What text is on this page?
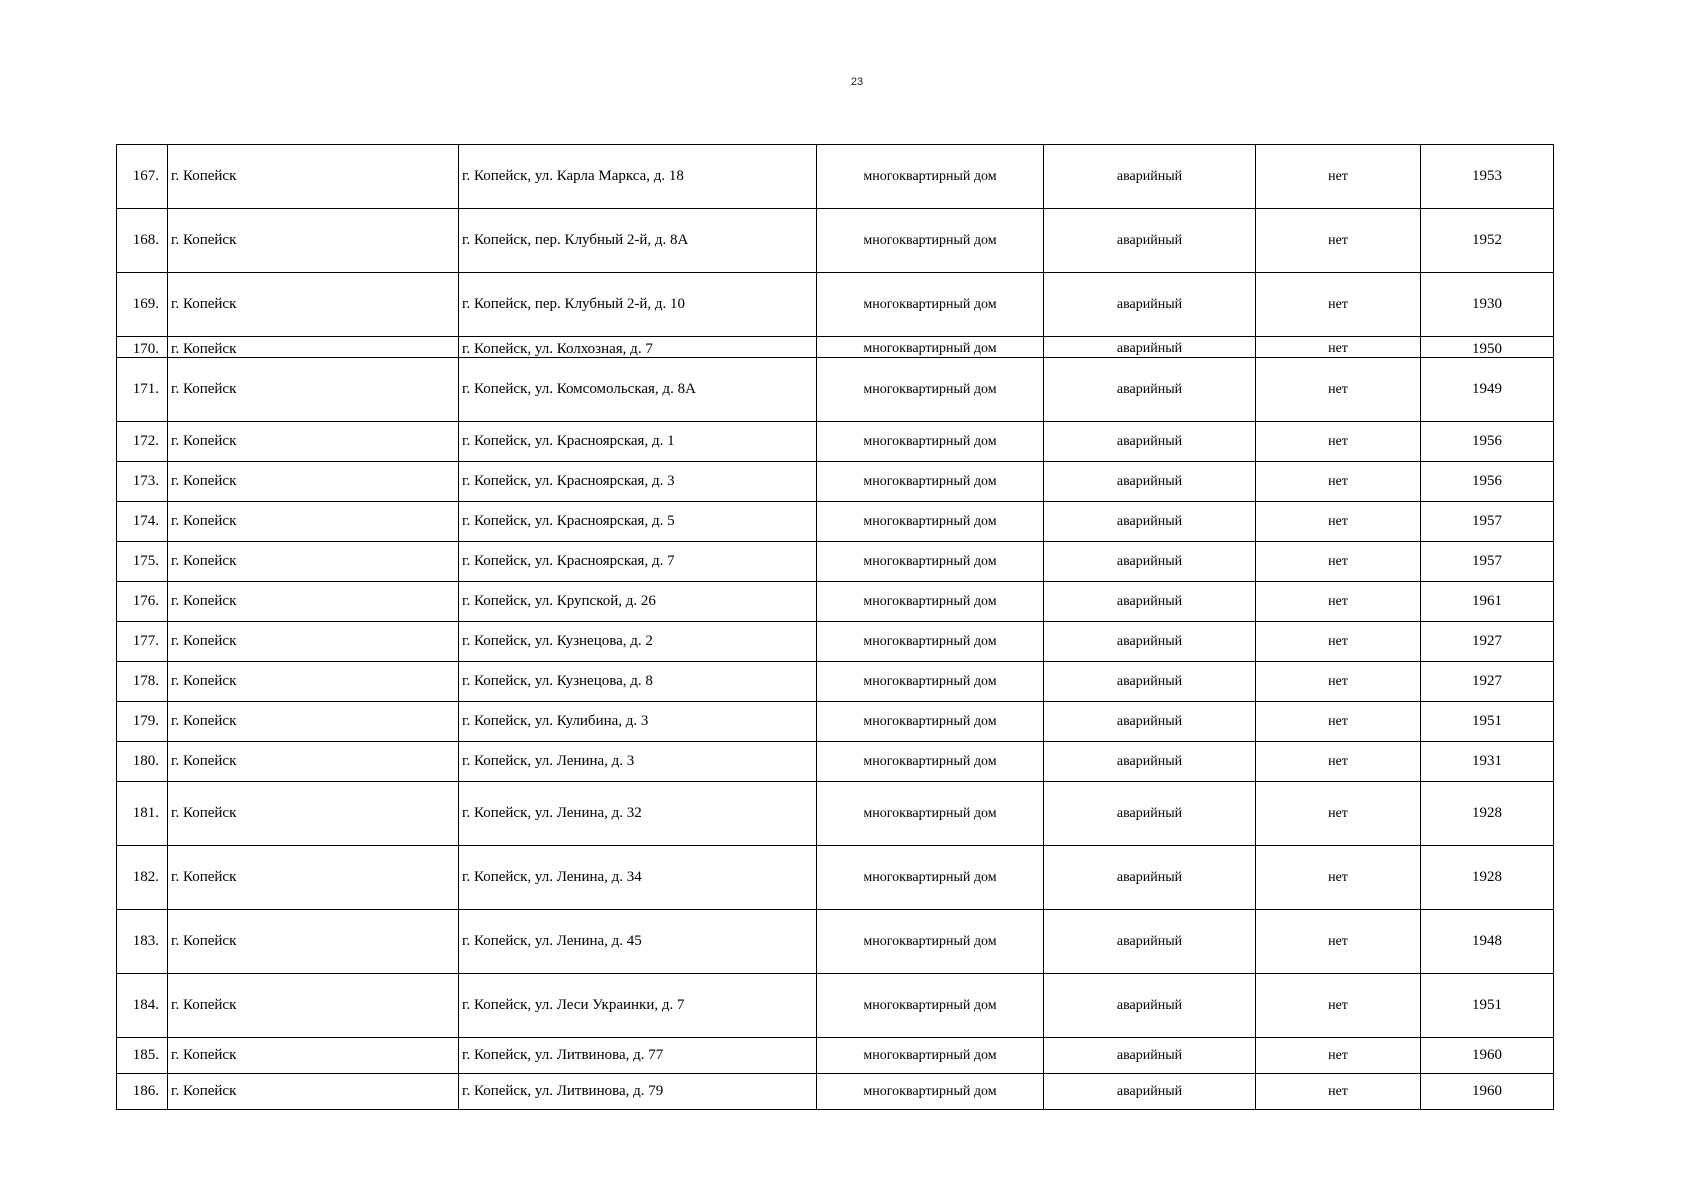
23
167.	г. Копейск	г. Копейск, ул. Карла Маркса, д. 18	многоквартирный дом	аварийный	нет	1953
168.	г. Копейск	г. Копейск, пер. Клубный 2-й, д. 8А	многоквартирный дом	аварийный	нет	1952
169.	г. Копейск	г. Копейск, пер. Клубный 2-й, д. 10	многоквартирный дом	аварийный	нет	1930
170.	г. Копейск	г. Копейск, ул. Колхозная, д. 7	многоквартирный дом	аварийный	нет	1950
171.	г. Копейск	г. Копейск, ул. Комсомольская, д. 8А	многоквартирный дом	аварийный	нет	1949
172.	г. Копейск	г. Копейск, ул. Красноярская, д. 1	многоквартирный дом	аварийный	нет	1956
173.	г. Копейск	г. Копейск, ул. Красноярская, д. 3	многоквартирный дом	аварийный	нет	1956
174.	г. Копейск	г. Копейск, ул. Красноярская, д. 5	многоквартирный дом	аварийный	нет	1957
175.	г. Копейск	г. Копейск, ул. Красноярская, д. 7	многоквартирный дом	аварийный	нет	1957
176.	г. Копейск	г. Копейск, ул. Крупской, д. 26	многоквартирный дом	аварийный	нет	1961
177.	г. Копейск	г. Копейск, ул. Кузнецова, д. 2	многоквартирный дом	аварийный	нет	1927
178.	г. Копейск	г. Копейск, ул. Кузнецова, д. 8	многоквартирный дом	аварийный	нет	1927
179.	г. Копейск	г. Копейск, ул. Кулибина, д. 3	многоквартирный дом	аварийный	нет	1951
180.	г. Копейск	г. Копейск, ул. Ленина, д. 3	многоквартирный дом	аварийный	нет	1931
181.	г. Копейск	г. Копейск, ул. Ленина, д. 32	многоквартирный дом	аварийный	нет	1928
182.	г. Копейск	г. Копейск, ул. Ленина, д. 34	многоквартирный дом	аварийный	нет	1928
183.	г. Копейск	г. Копейск, ул. Ленина, д. 45	многоквартирный дом	аварийный	нет	1948
184.	г. Копейск	г. Копейск, ул. Леси Украинки, д. 7	многоквартирный дом	аварийный	нет	1951
185.	г. Копейск	г. Копейск, ул. Литвинова, д. 77	многоквартирный дом	аварийный	нет	1960
186.	г. Копейск	г. Копейск, ул. Литвинова, д. 79	многоквартирный дом	аварийный	нет	1960
